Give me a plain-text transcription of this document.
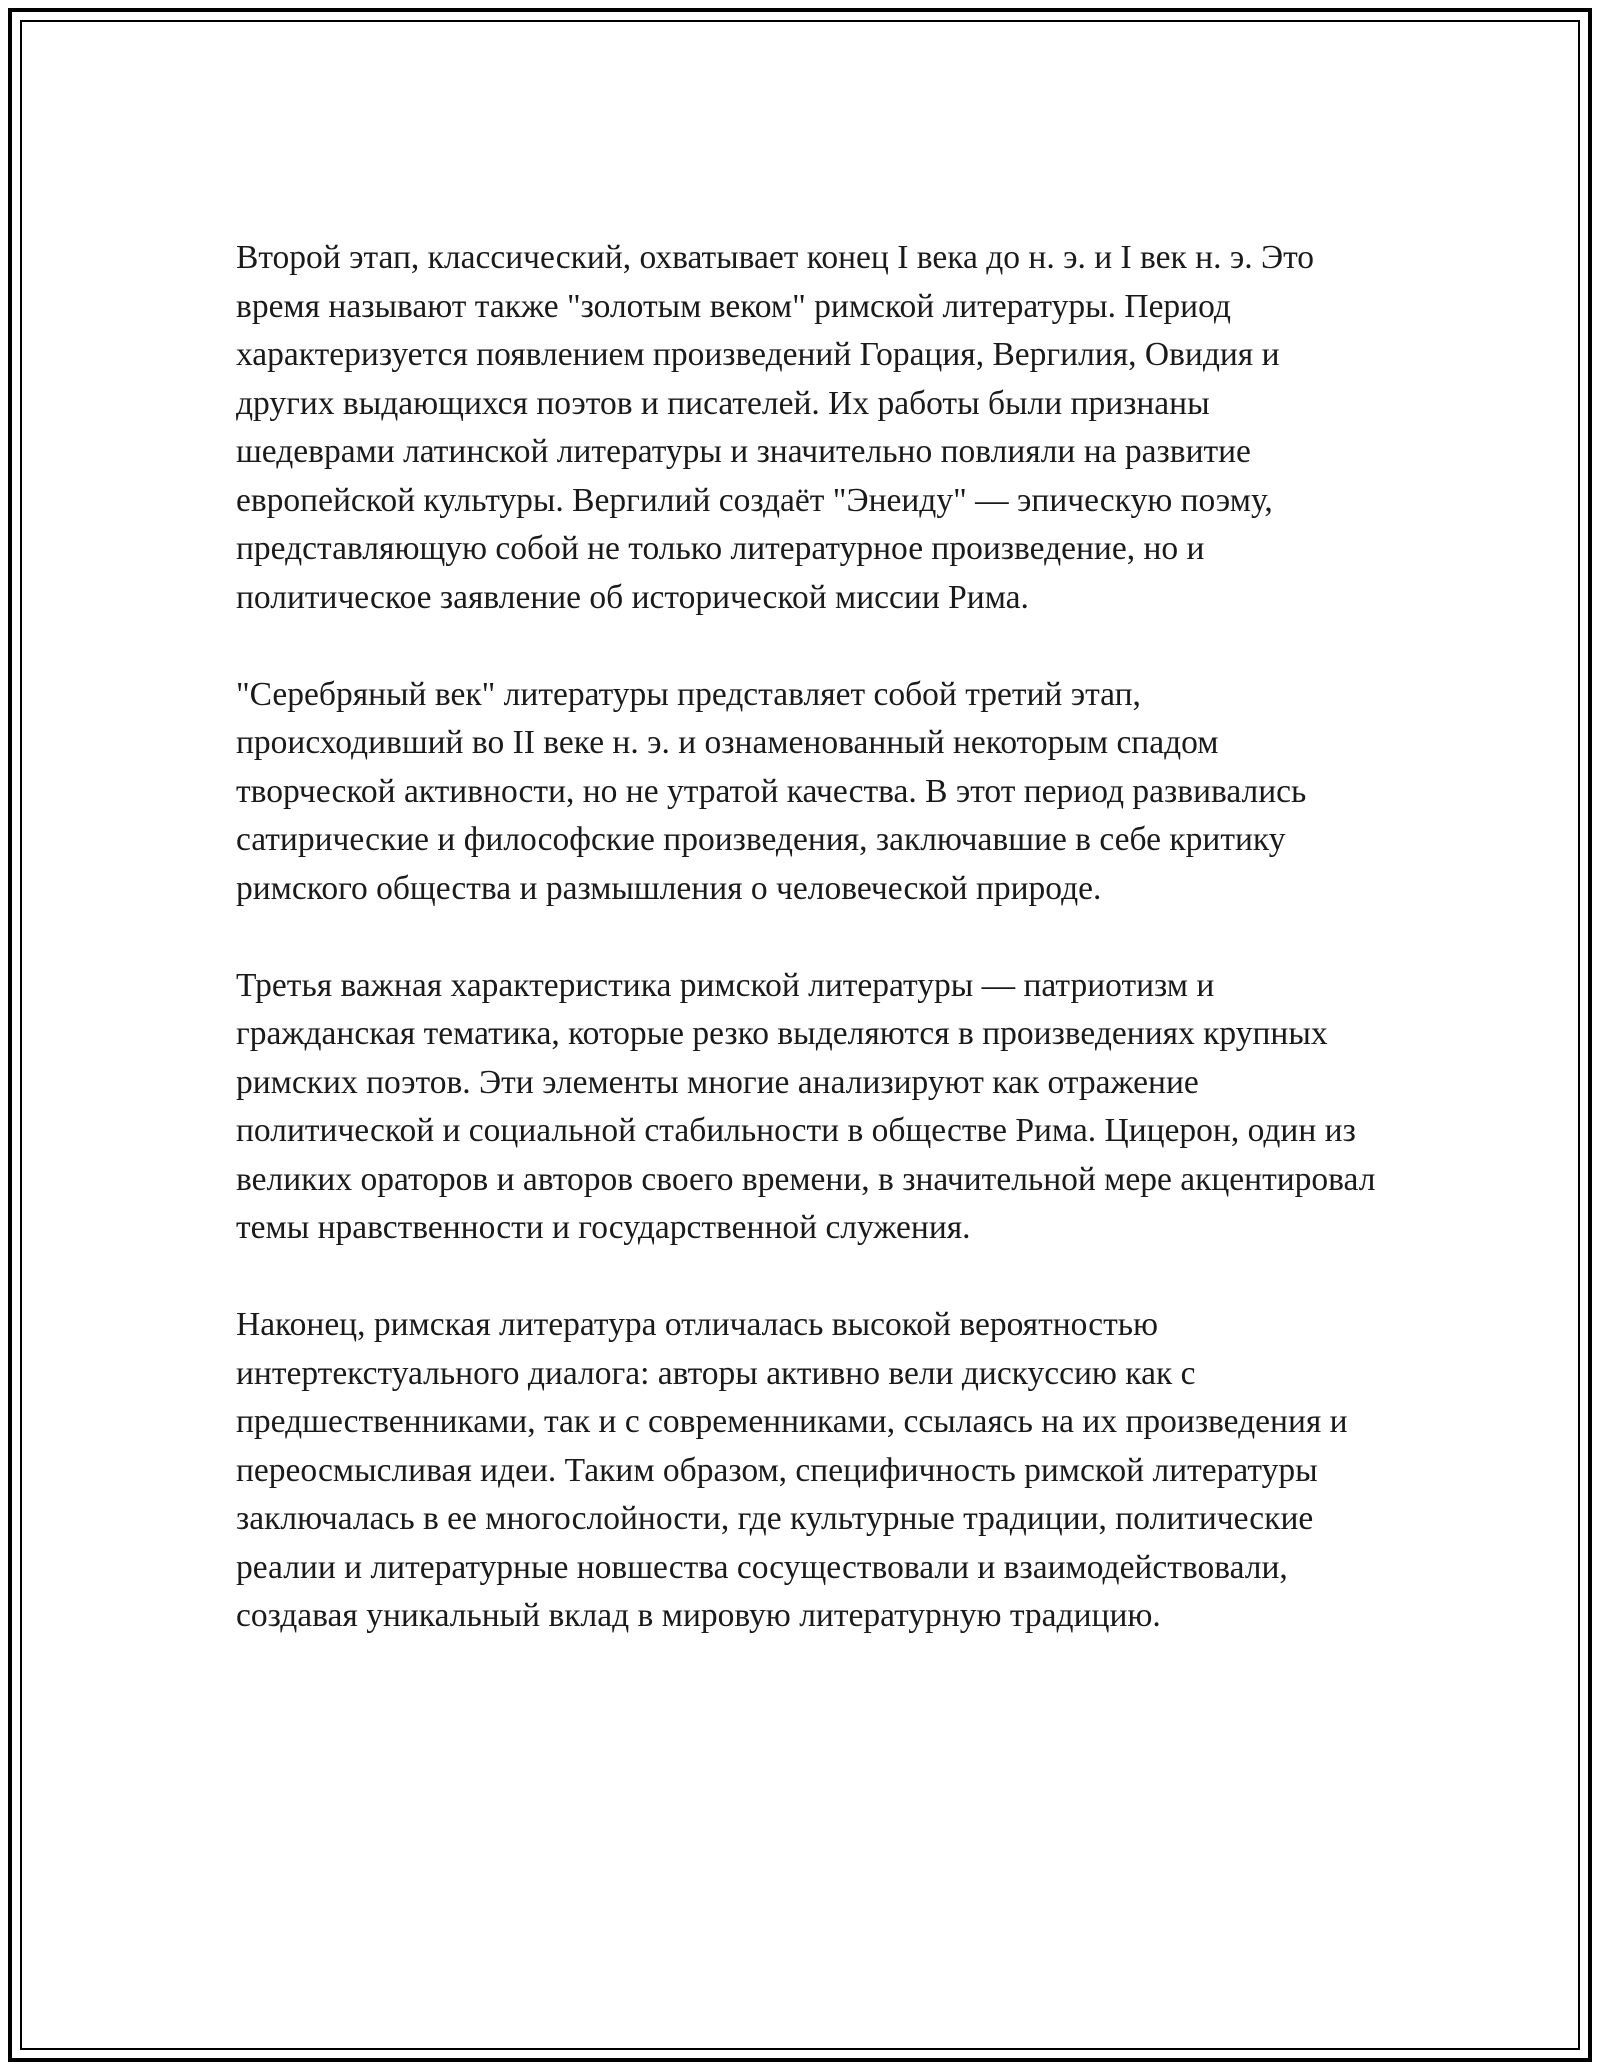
Второй этап, классический, охватывает конец I века до н. э. и I век н. э. Это время называют также "золотым веком" римской литературы. Период характеризуется появлением произведений Горация, Вергилия, Овидия и других выдающихся поэтов и писателей. Их работы были признаны шедеврами латинской литературы и значительно повлияли на развитие европейской культуры. Вергилий создаёт "Энеиду" — эпическую поэму, представляющую собой не только литературное произведение, но и политическое заявление об исторической миссии Рима.

"Серебряный век" литературы представляет собой третий этап, происходивший во II веке н. э. и ознаменованный некоторым спадом творческой активности, но не утратой качества. В этот период развивались сатирические и философские произведения, заключавшие в себе критику римского общества и размышления о человеческой природе.

Третья важная характеристика римской литературы — патриотизм и гражданская тематика, которые резко выделяются в произведениях крупных римских поэтов. Эти элементы многие анализируют как отражение политической и социальной стабильности в обществе Рима. Цицерон, один из великих ораторов и авторов своего времени, в значительной мере акцентировал темы нравственности и государственной служения.

Наконец, римская литература отличалась высокой вероятностью интертекстуального диалога: авторы активно вели дискуссию как с предшественниками, так и с современниками, ссылаясь на их произведения и переосмысливая идеи. Таким образом, специфичность римской литературы заключалась в ее многослойности, где культурные традиции, политические реалии и литературные новшества сосуществовали и взаимодействовали, создавая уникальный вклад в мировую литературную традицию.
